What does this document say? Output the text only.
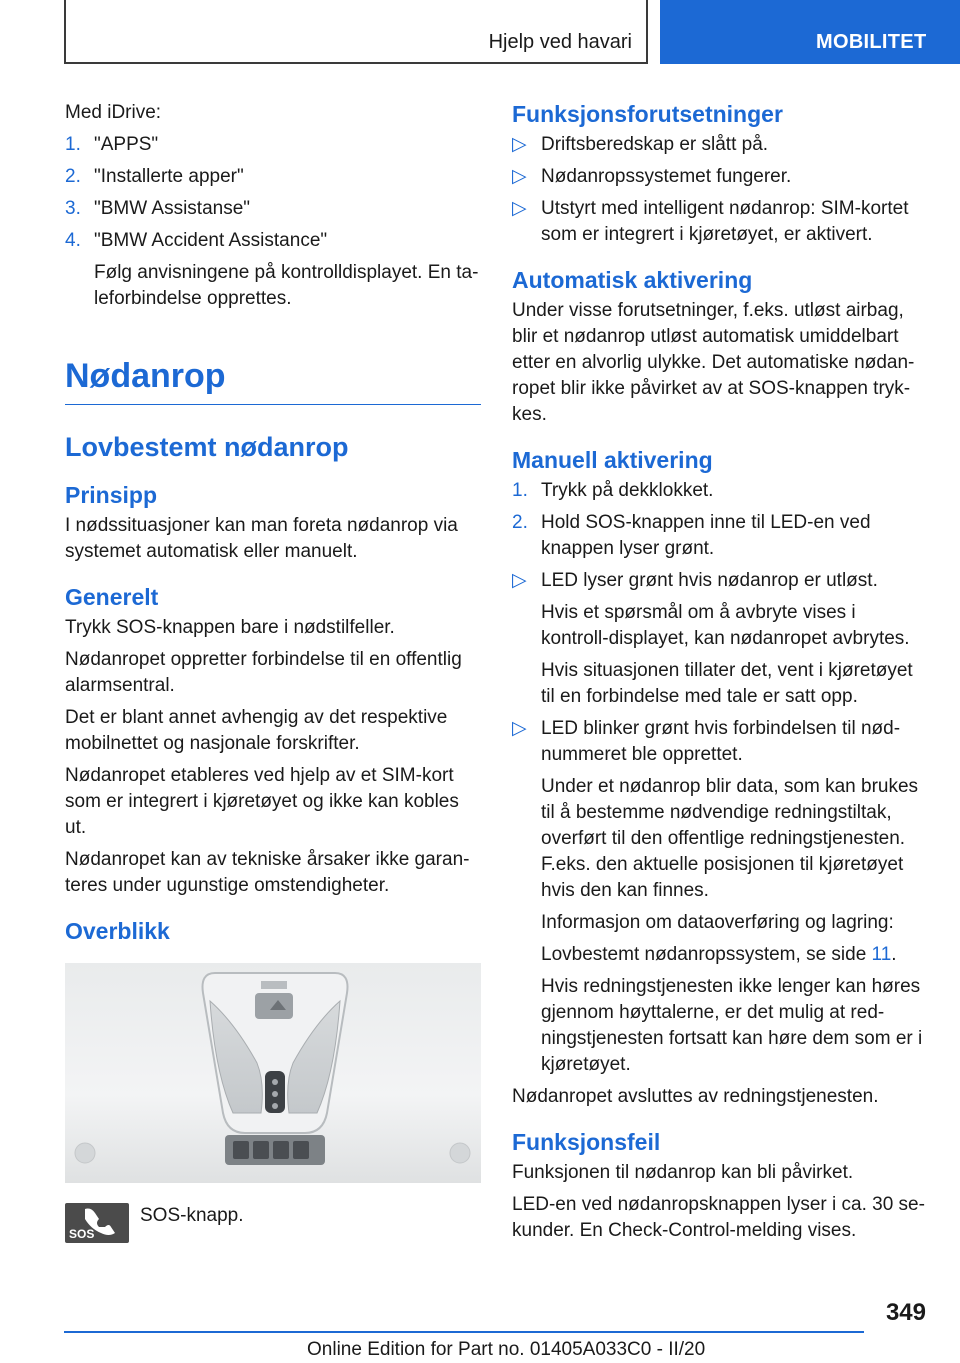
Hjelp ved havari	MOBILITET

Med iDrive:

1. "APPS"
2. "Installerte apper"
3. "BMW Assistanse"
4. "BMW Accident Assistance"

Følg anvisningene på kontrolldisplayet. En ta-leforbindelse opprettes.

Nødanrop
Lovbestemt nødanrop
Prinsipp

I nødssituasjoner kan man foreta nødanrop via systemet automatisk eller manuelt.

Generelt

Trykk SOS-knappen bare i nødstilfeller.

Nødanropet oppretter forbindelse til en offentlig alarmsentral.

Det er blant annet avhengig av det respektive mobilnettet og nasjonale forskrifter.

Nødanropet etableres ved hjelp av et SIM-kort som er integrert i kjøretøyet og ikke kan kobles ut.

Nødanropet kan av tekniske årsaker ikke garan-teres under ugunstige omstendigheter.

Overblikk
SOS
SOS-knapp.
Funksjonsforutsetninger
▷ Driftsberedskap er slått på.
▷ Nødanropssystemet fungerer.
▷ Utstyrt med intelligent nødanrop: SIM-kortet som er integrert i kjøretøyet, er aktivert.
Automatisk aktivering

Under visse forutsetninger, f.eks. utløst airbag, blir et nødanrop utløst automatisk umiddelbart etter en alvorlig ulykke. Det automatiske nødan-ropet blir ikke påvirket av at SOS-knappen tryk-kes.

Manuell aktivering
1. Trykk på dekklokket.
2. Hold SOS-knappen inne til LED-en ved knappen lyser grønt.
▷ LED lyser grønt hvis nødanrop er utløst.

Hvis et spørsmål om å avbryte vises i kontroll-displayet, kan nødanropet avbrytes.

Hvis situasjonen tillater det, vent i kjøretøyet til en forbindelse med tale er satt opp.

▷ LED blinker grønt hvis forbindelsen til nød-nummeret ble opprettet.

Under et nødanrop blir data, som kan brukes til å bestemme nødvendige redningstiltak, overført til den offentlige redningstjenesten. F.eks. den aktuelle posisjonen til kjøretøyet hvis den kan finnes.

Informasjon om dataoverføring og lagring:

Lovbestemt nødanropssystem, se side 11.

Hvis redningstjenesten ikke lenger kan høres gjennom høyttalerne, er det mulig at red-ningstjenesten fortsatt kan høre dem som er i kjøretøyet.

Nødanropet avsluttes av redningstjenesten.

Funksjonsfeil

Funksjonen til nødanrop kan bli påvirket.

LED-en ved nødanropsknappen lyser i ca. 30 se-kunder. En Check-Control-melding vises.

349
Online Edition for Part no. 01405A033C0 - II/20
